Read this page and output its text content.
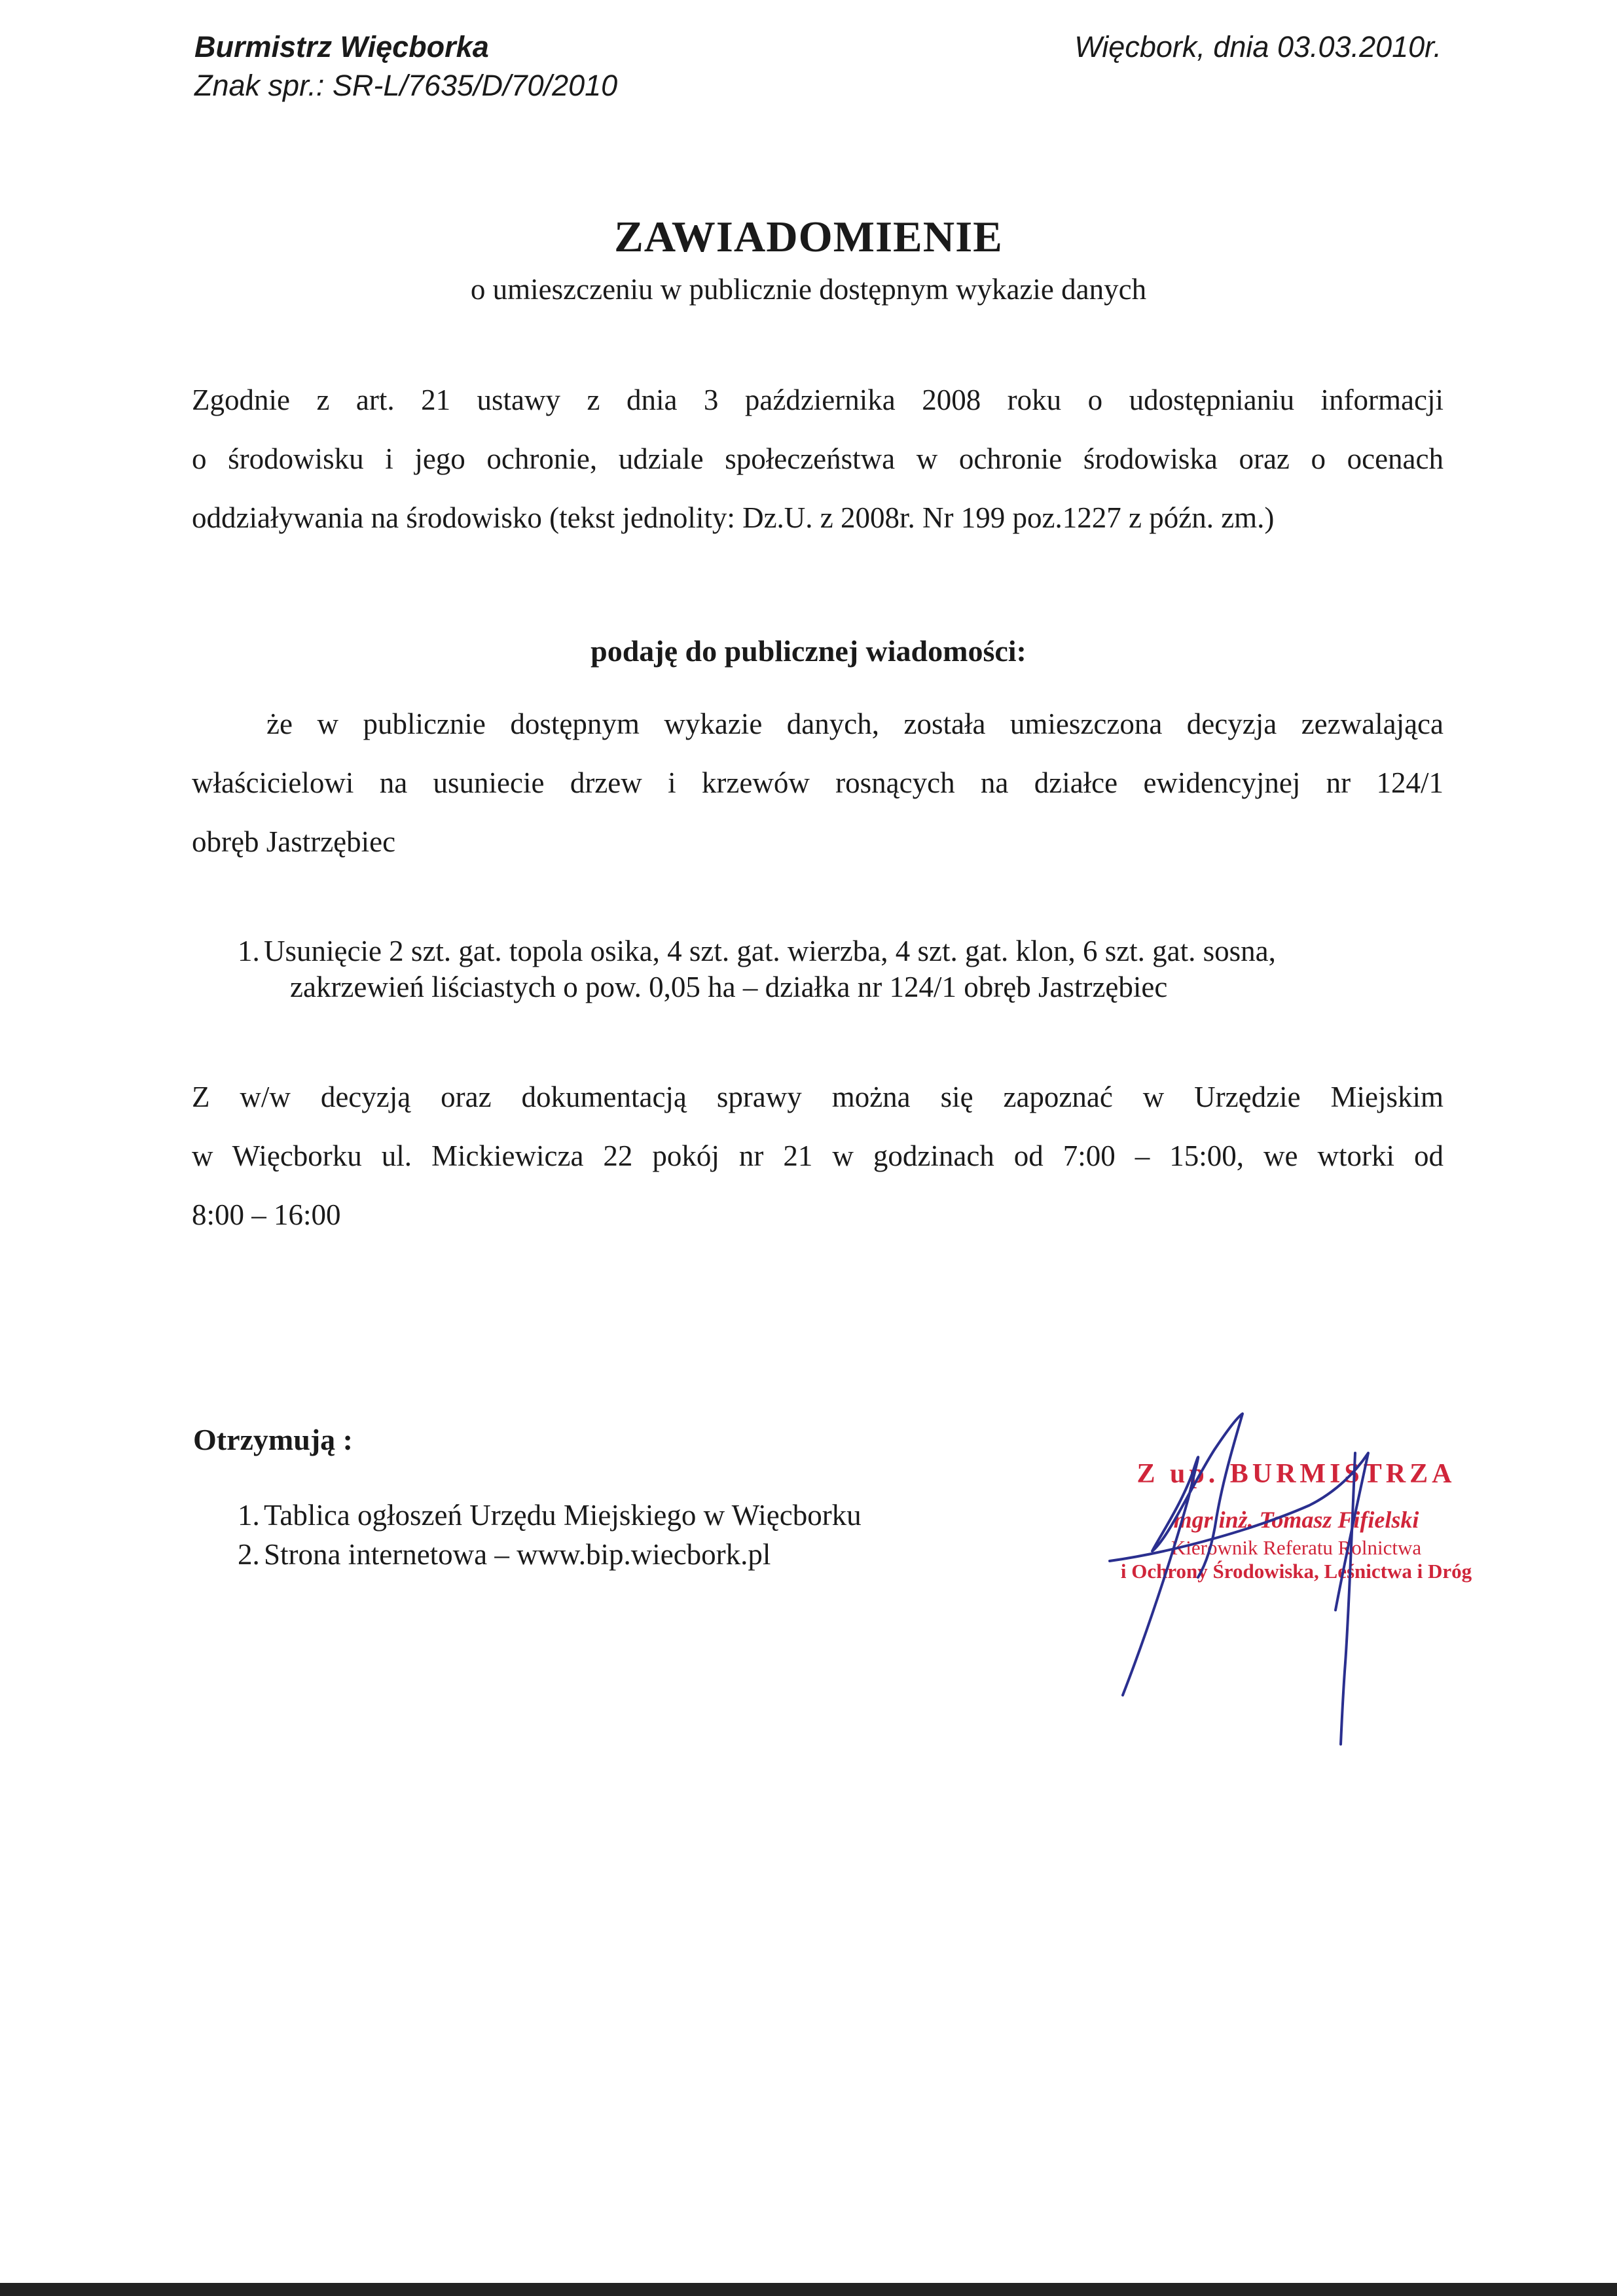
Burmistrz Więcborka
Znak spr.: SR-L/7635/D/70/2010
Więcbork, dnia 03.03.2010r.
ZAWIADOMIENIE
o umieszczeniu w publicznie dostępnym wykazie danych
Zgodnie z art. 21 ustawy z dnia 3 października 2008 roku o udostępnianiu informacji
o środowisku i jego ochronie, udziale społeczeństwa w ochronie środowiska oraz o ocenach
oddziaływania na środowisko (tekst jednolity: Dz.U. z 2008r. Nr 199 poz.1227 z późn. zm.)
podaję do publicznej wiadomości:
że w publicznie dostępnym wykazie danych, została umieszczona decyzja zezwalająca
właścicielowi na usuniecie drzew i krzewów rosnących na działce ewidencyjnej nr 124/1
obręb Jastrzębiec
1. Usunięcie 2 szt. gat. topola osika, 4 szt. gat. wierzba, 4 szt. gat. klon, 6 szt. gat. sosna,
zakrzewień liściastych o pow. 0,05 ha – działka nr 124/1 obręb Jastrzębiec
Z w/w decyzją oraz dokumentacją sprawy można się zapoznać w Urzędzie Miejskim
w Więcborku ul. Mickiewicza 22 pokój nr 21 w godzinach od 7:00 – 15:00, we wtorki od
8:00 – 16:00
Otrzymują :
1. Tablica ogłoszeń Urzędu Miejskiego w Więcborku
2. Strona internetowa – www.bip.wiecbork.pl
Z up. BURMISTRZA
mgr inż. Tomasz Fifielski
Kierownik Referatu Rolnictwa
i Ochrony Środowiska, Leśnictwa i Dróg
